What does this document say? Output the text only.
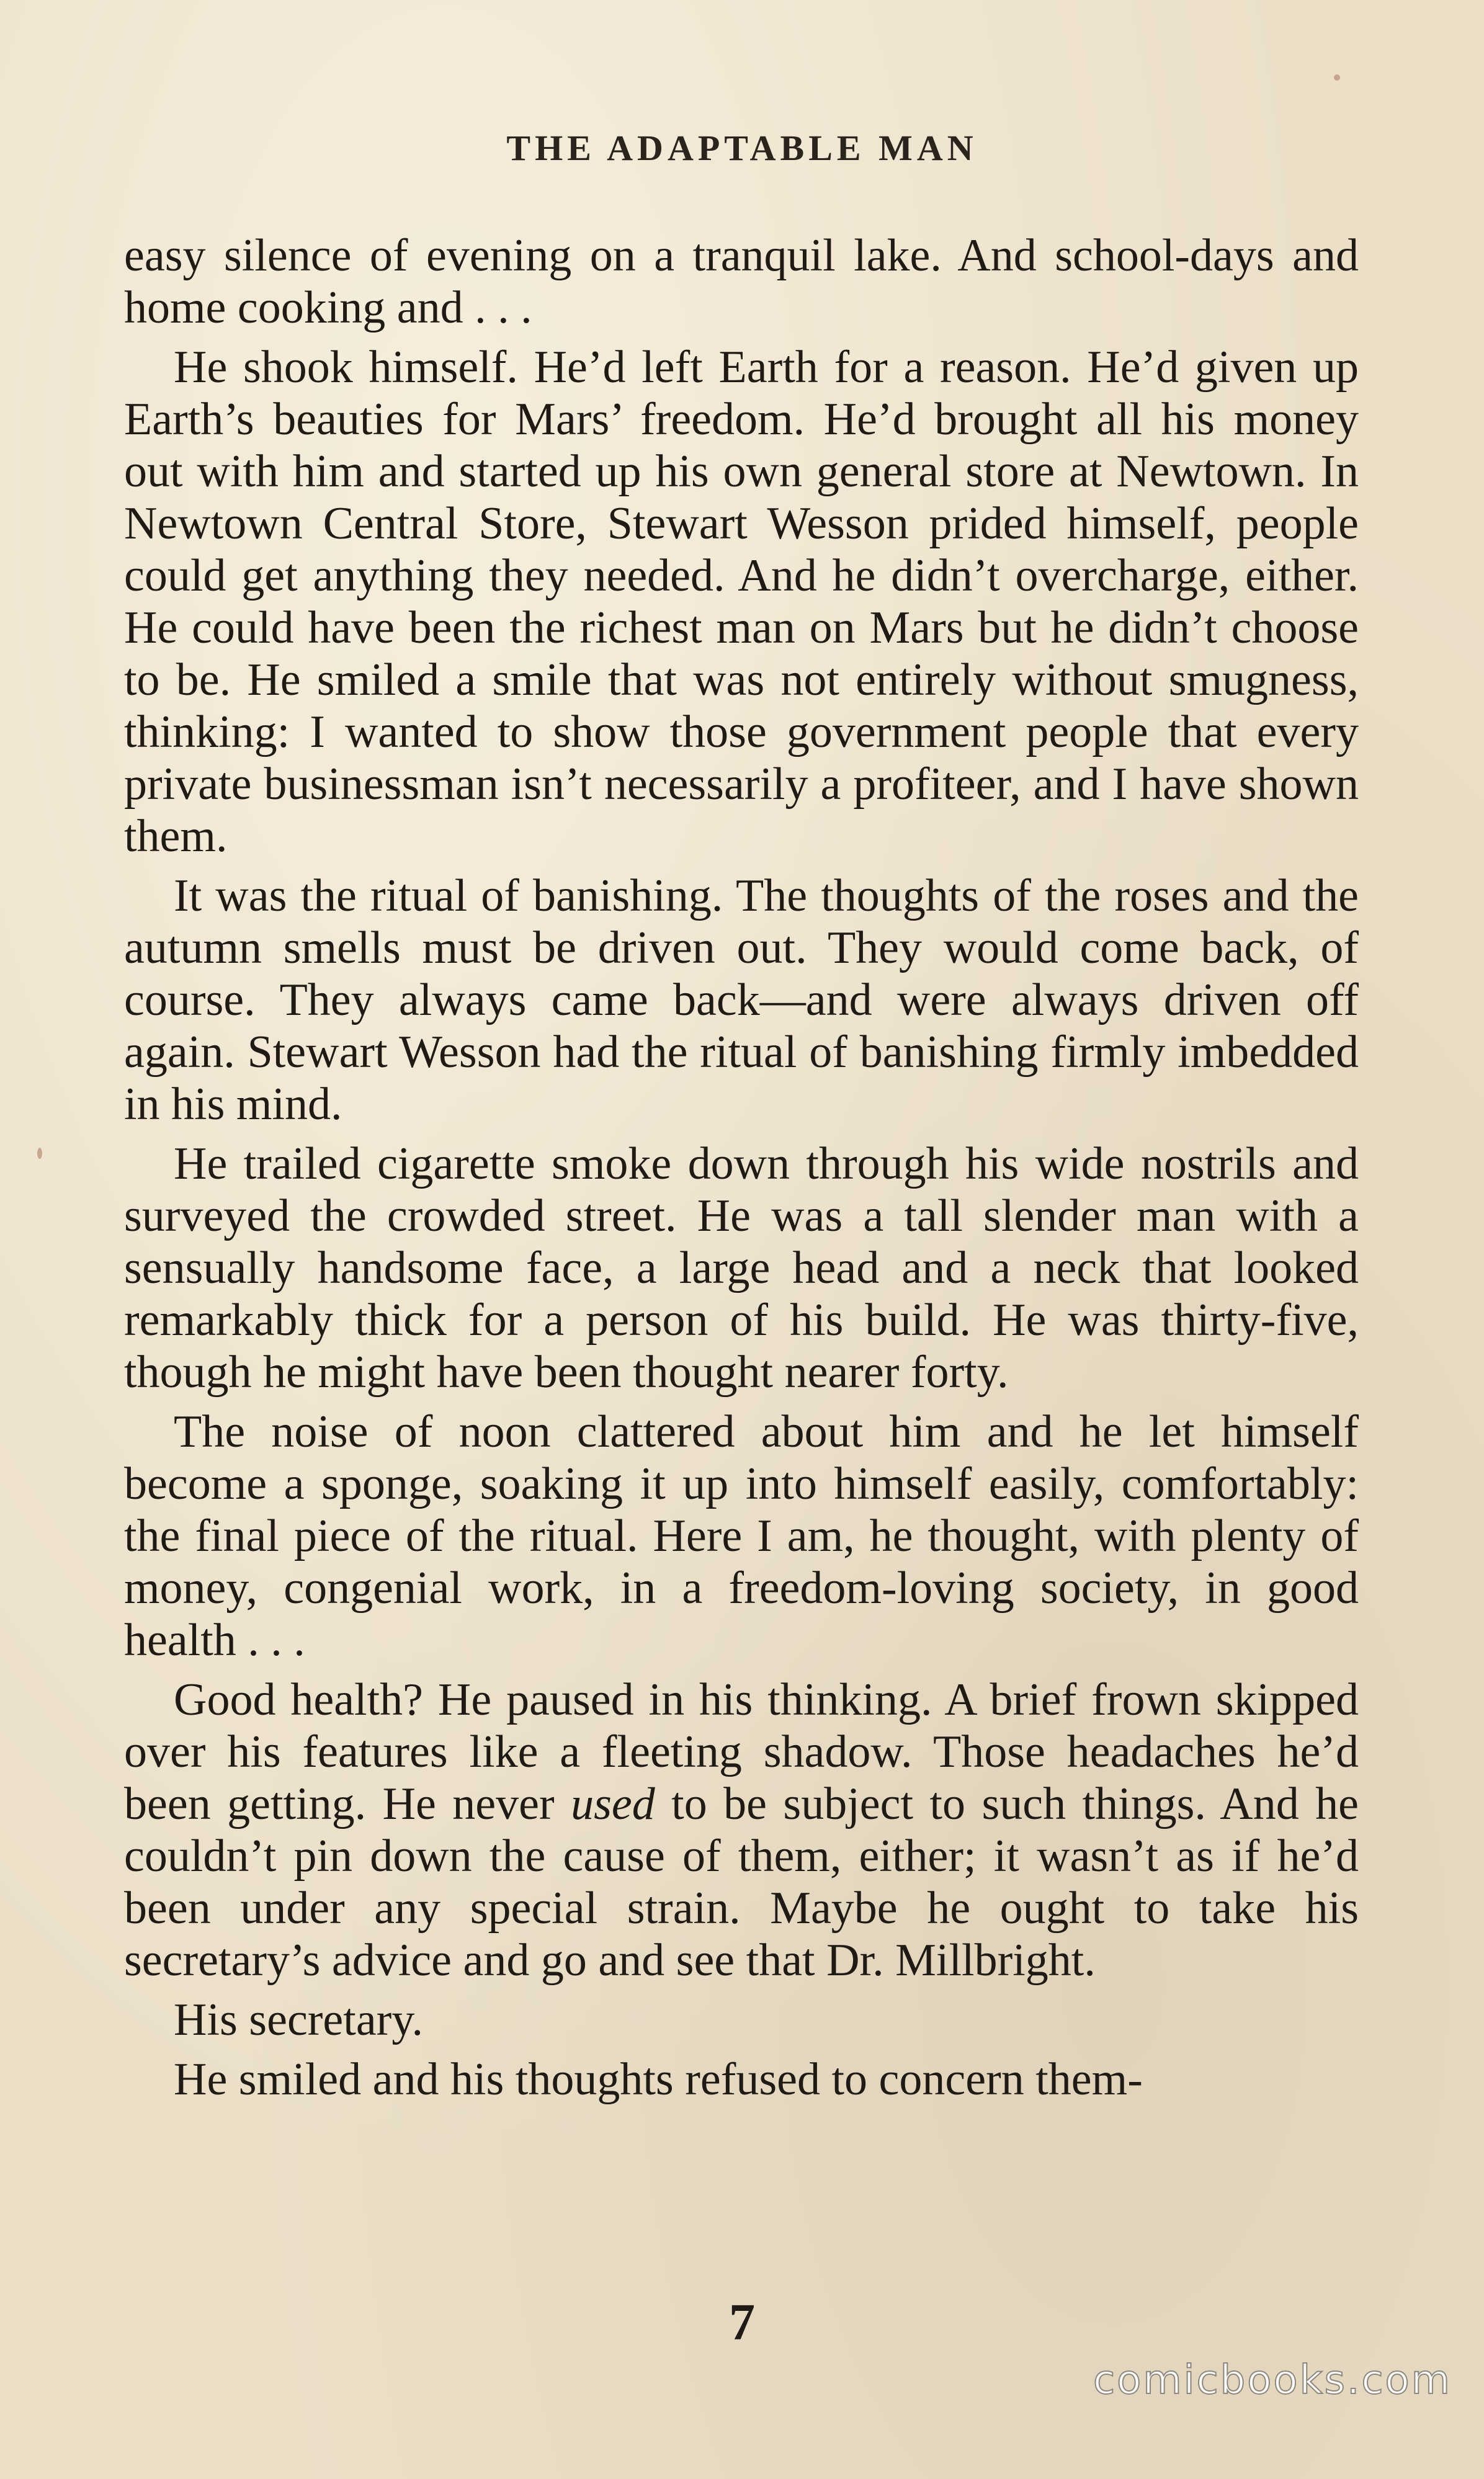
THE ADAPTABLE MAN

easy silence of evening on a tranquil lake. And school-days and home cooking and . . .

He shook himself. He’d left Earth for a reason. He’d given up Earth’s beauties for Mars’ freedom. He’d brought all his money out with him and started up his own general store at Newtown. In Newtown Central Store, Stewart Wesson prided himself, people could get anything they needed. And he didn’t overcharge, either. He could have been the richest man on Mars but he didn’t choose to be. He smiled a smile that was not entirely without smugness, thinking: I wanted to show those government people that every private businessman isn’t necessarily a profiteer, and I have shown them.

It was the ritual of banishing. The thoughts of the roses and the autumn smells must be driven out. They would come back, of course. They always came back—and were always driven off again. Stewart Wesson had the ritual of banishing firmly imbedded in his mind.

He trailed cigarette smoke down through his wide nostrils and surveyed the crowded street. He was a tall slender man with a sensually handsome face, a large head and a neck that looked remarkably thick for a person of his build. He was thirty-five, though he might have been thought nearer forty.

The noise of noon clattered about him and he let himself become a sponge, soaking it up into himself easily, comfortably: the final piece of the ritual. Here I am, he thought, with plenty of money, congenial work, in a freedom-loving society, in good health . . .

Good health? He paused in his thinking. A brief frown skipped over his features like a fleeting shadow. Those headaches he’d been getting. He never used to be subject to such things. And he couldn’t pin down the cause of them, either; it wasn’t as if he’d been under any special strain. Maybe he ought to take his secretary’s advice and go and see that Dr. Millbright.

His secretary.

He smiled and his thoughts refused to concern them-

7
comicbooks.com
